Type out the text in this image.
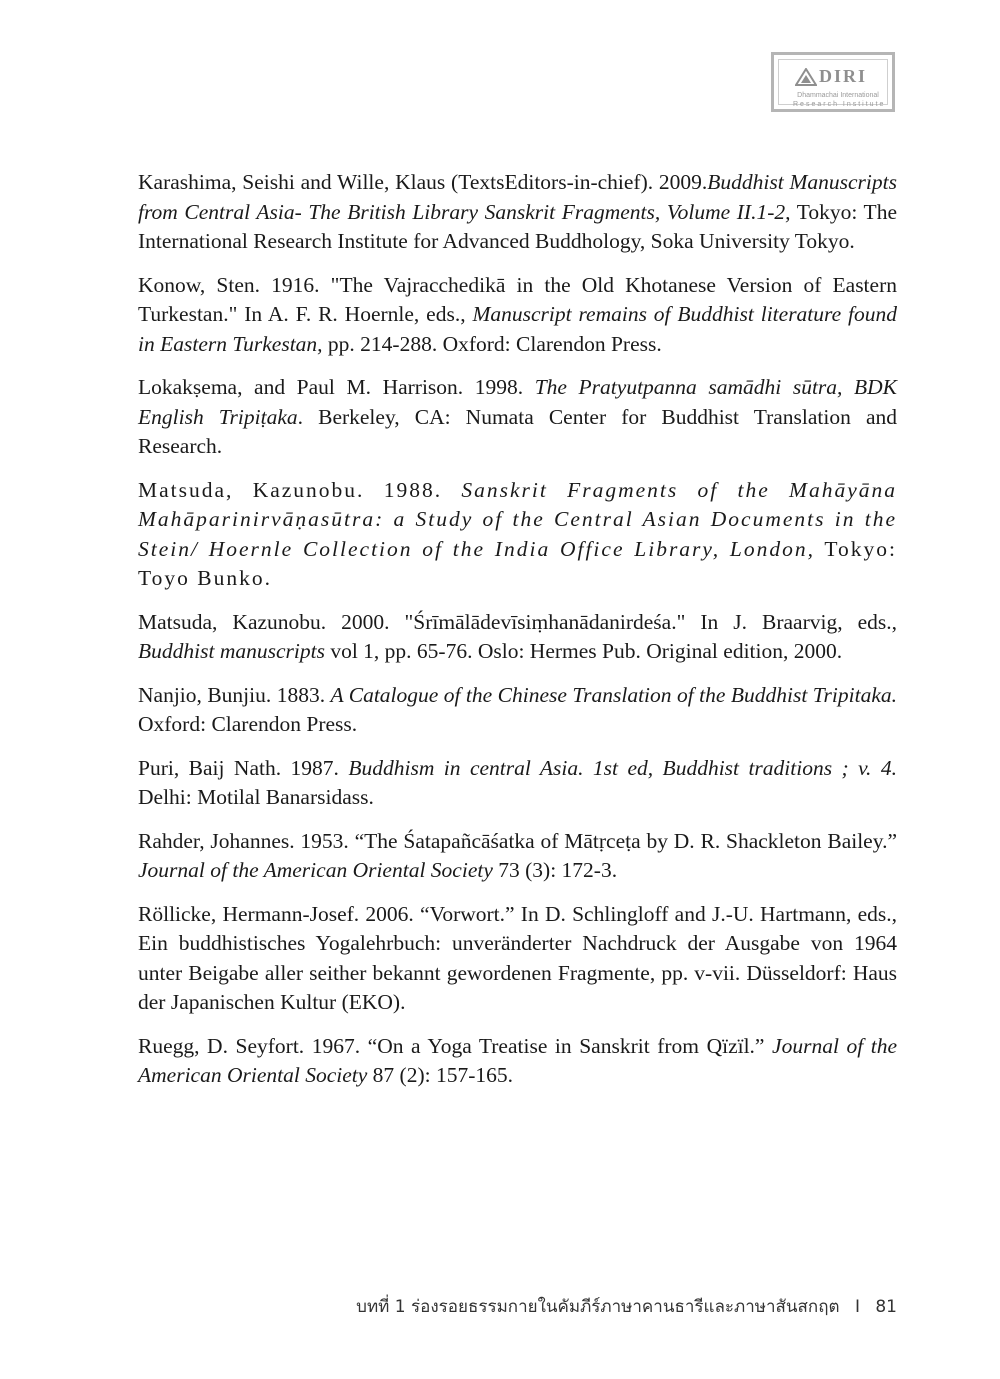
DIRI
Dhammachai International
Research Institute

Karashima, Seishi and Wille, Klaus (TextsEditors-in-chief). 2009.Buddhist Manuscripts from Central Asia- The British Library Sanskrit Fragments, Volume II.1-2, Tokyo: The International Research Institute for Advanced Buddhology, Soka University Tokyo.

Konow, Sten. 1916. "The Vajracchedikā in the Old Khotanese Version of Eastern Turkestan." In A. F. R. Hoernle, eds., Manuscript remains of Buddhist literature found in Eastern Turkestan, pp. 214-288. Oxford: Clarendon Press.

Lokakṣema, and Paul M. Harrison. 1998. The Pratyutpanna samādhi sūtra, BDK English Tripiṭaka. Berkeley, CA: Numata Center for Buddhist Translation and Research.

Matsuda, Kazunobu. 1988. Sanskrit Fragments of the Mahāyāna Mahāparinirvāṇasūtra: a Study of the Central Asian Documents in the Stein/ Hoernle Collection of the India Office Library, London, Tokyo: Toyo Bunko.

Matsuda, Kazunobu. 2000. "Śrīmālādevīsiṃhanādanirdeśa." In J. Braarvig, eds., Buddhist manuscripts vol 1, pp. 65-76. Oslo: Hermes Pub. Original edition, 2000.

Nanjio, Bunjiu. 1883. A Catalogue of the Chinese Translation of the Buddhist Tripitaka. Oxford: Clarendon Press.

Puri, Baij Nath. 1987. Buddhism in central Asia. 1st ed, Buddhist traditions ; v. 4. Delhi: Motilal Banarsidass.

Rahder, Johannes. 1953. “The Śatapañcāśatka of Mātṛceṭa by D. R. Shackleton Bailey.” Journal of the American Oriental Society 73 (3): 172-3.

Röllicke, Hermann-Josef. 2006. “Vorwort.” In D. Schlingloff and J.-U. Hartmann, eds., Ein buddhistisches Yogalehrbuch: unveränderter Nachdruck der Ausgabe von 1964 unter Beigabe aller seither bekannt gewordenen Fragmente, pp. v-vii. Düsseldorf: Haus der Japanischen Kultur (EKO).

Ruegg, D. Seyfort. 1967. “On a Yoga Treatise in Sanskrit from Qïzïl.” Journal of the American Oriental Society 87 (2): 157-165.

บทที่ 1 ร่องรอยธรรมกายในคัมภีร์ภาษาคานธารีและภาษาสันสกฤต I 81
